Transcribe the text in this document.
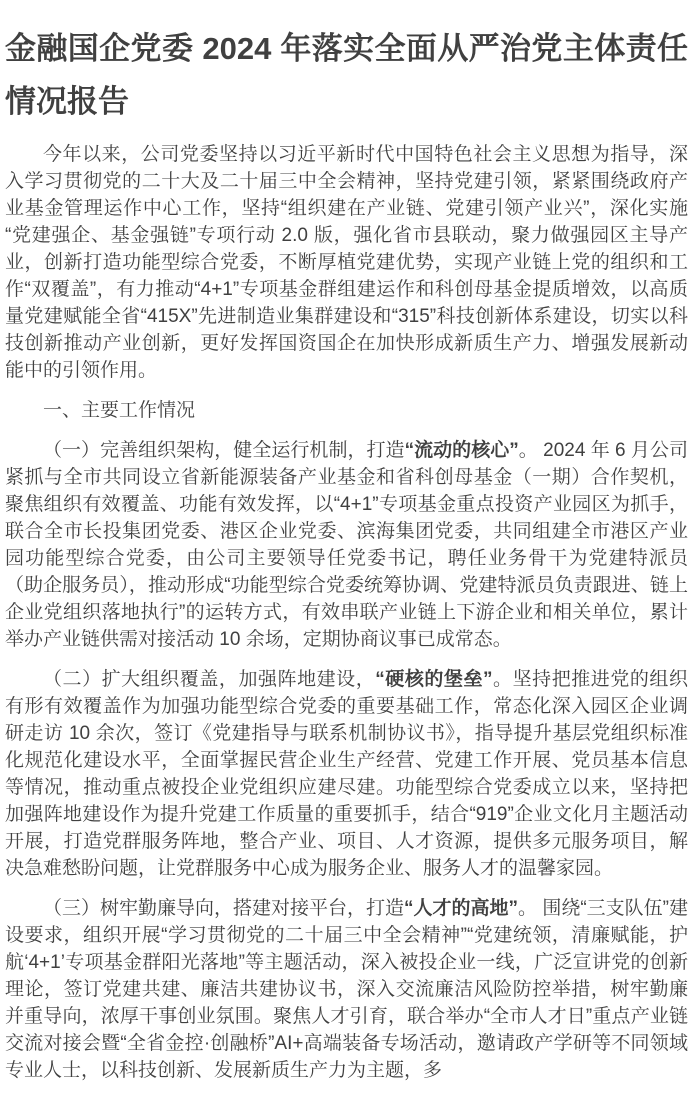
金融国企党委 2024 年落实全面从严治党主体责任情况报告

今年以来，公司党委坚持以习近平新时代中国特色社会主义思想为指导，深入学习贯彻党的二十大及二十届三中全会精神，坚持党建引领，紧紧围绕政府产业基金管理运作中心工作，坚持“组织建在产业链、党建引领产业兴”，深化实施“党建强企、基金强链”专项行动 2.0 版，强化省市县联动，聚力做强园区主导产业，创新打造功能型综合党委，不断厚植党建优势，实现产业链上党的组织和工作“双覆盖”，有力推动“4+1”专项基金群组建运作和科创母基金提质增效，以高质量党建赋能全省“415X”先进制造业集群建设和“315”科技创新体系建设，切实以科技创新推动产业创新，更好发挥国资国企在加快形成新质生产力、增强发展新动能中的引领作用。

一、主要工作情况

（一）完善组织架构，健全运行机制，打造“流动的核心”。 2024 年 6 月公司紧抓与全市共同设立省新能源装备产业基金和省科创母基金（一期）合作契机，聚焦组织有效覆盖、功能有效发挥，以“4+1”专项基金重点投资产业园区为抓手，联合全市长投集团党委、港区企业党委、滨海集团党委，共同组建全市港区产业园功能型综合党委，由公司主要领导任党委书记，聘任业务骨干为党建特派员（助企服务员），推动形成“功能型综合党委统筹协调、党建特派员负责跟进、链上企业党组织落地执行”的运转方式，有效串联产业链上下游企业和相关单位，累计举办产业链供需对接活动 10 余场，定期协商议事已成常态。

（二）扩大组织覆盖，加强阵地建设，“硬核的堡垒”。坚持把推进党的组织有形有效覆盖作为加强功能型综合党委的重要基础工作，常态化深入园区企业调研走访 10 余次，签订《党建指导与联系机制协议书》，指导提升基层党组织标准化规范化建设水平，全面掌握民营企业生产经营、党建工作开展、党员基本信息等情况，推动重点被投企业党组织应建尽建。功能型综合党委成立以来，坚持把加强阵地建设作为提升党建工作质量的重要抓手，结合“919”企业文化月主题活动开展，打造党群服务阵地，整合产业、项目、人才资源，提供多元服务项目，解决急难愁盼问题，让党群服务中心成为服务企业、服务人才的温馨家园。

（三）树牢勤廉导向，搭建对接平台，打造“人才的高地”。 围绕“三支队伍”建设要求，组织开展“学习贯彻党的二十届三中全会精神”“党建统领，清廉赋能，护航‘4+1’专项基金群阳光落地”等主题活动，深入被投企业一线，广泛宣讲党的创新理论，签订党建共建、廉洁共建协议书，深入交流廉洁风险防控举措，树牢勤廉并重导向，浓厚干事创业氛围。聚焦人才引育，联合举办“全市人才日”重点产业链交流对接会暨“全省金控·创融桥”AI+高端装备专场活动，邀请政产学研等不同领域专业人士，以科技创新、发展新质生产力为主题，多
